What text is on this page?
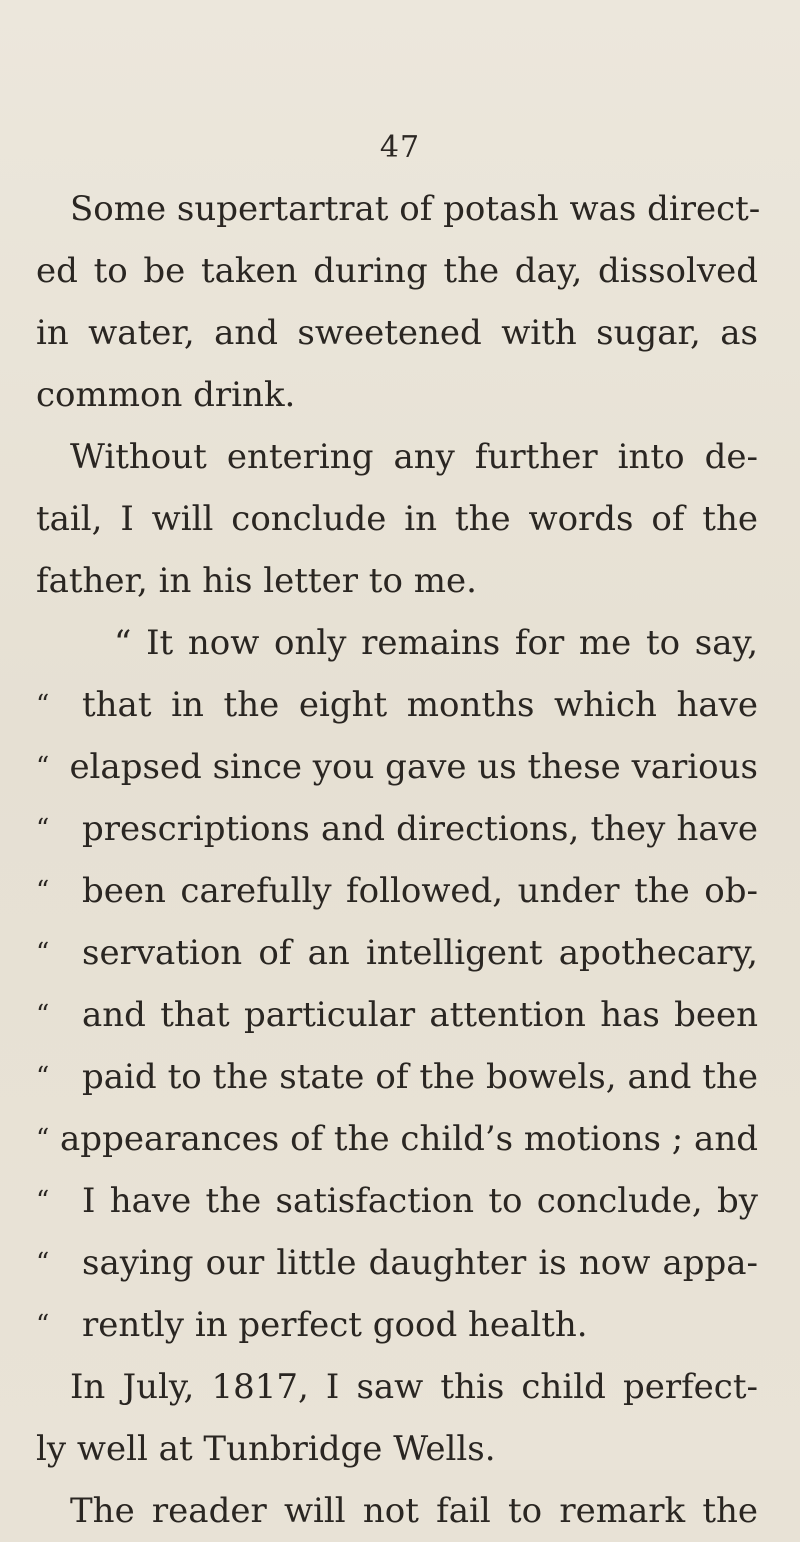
47
Some supertartrat of potash was direct-
ed to be taken during the day, dissolved
in water, and sweetened with sugar, as
common drink.
Without entering any further into de-
tail, I will conclude in the words of the
father, in his letter to me.
“ It now only remains for me to say,
“ that in the eight months which have
“ elapsed since you gave us these various
“ prescriptions and directions, they have
“ been carefully followed, under the ob-
“ servation of an intelligent apothecary,
“ and that particular attention has been
“ paid to the state of the bowels, and the
“ appearances of the child’s motions ; and
“ I have the satisfaction to conclude, by
“ saying our little daughter is now appa-
“ rently in perfect good health.
In July, 1817, I saw this child perfect-
ly well at Tunbridge Wells.
The reader will not fail to remark the
